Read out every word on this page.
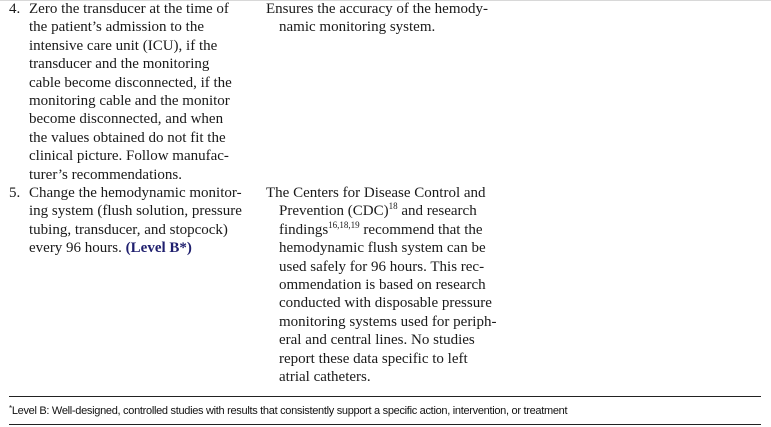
4. Zero the transducer at the time of
the patient’s admission to the
intensive care unit (ICU), if the
transducer and the monitoring
cable become disconnected, if the
monitoring cable and the monitor
become disconnected, and when
the values obtained do not fit the
clinical picture. Follow manufac-
turer’s recommendations.
Ensures the accuracy of the hemody-
namic monitoring system.
5. Change the hemodynamic monitor-
ing system (flush solution, pressure
tubing, transducer, and stopcock)
every 96 hours. (Level B*)
The Centers for Disease Control and
Prevention (CDC)$^{18}$ and research
findings$^{16,18,19}$ recommend that the
hemodynamic flush system can be
used safely for 96 hours. This rec-
ommendation is based on research
conducted with disposable pressure
monitoring systems used for periph-
eral and central lines. No studies
report these data specific to left
atrial catheters.
*Level B: Well-designed, controlled studies with results that consistently support a specific action, intervention, or treatment
